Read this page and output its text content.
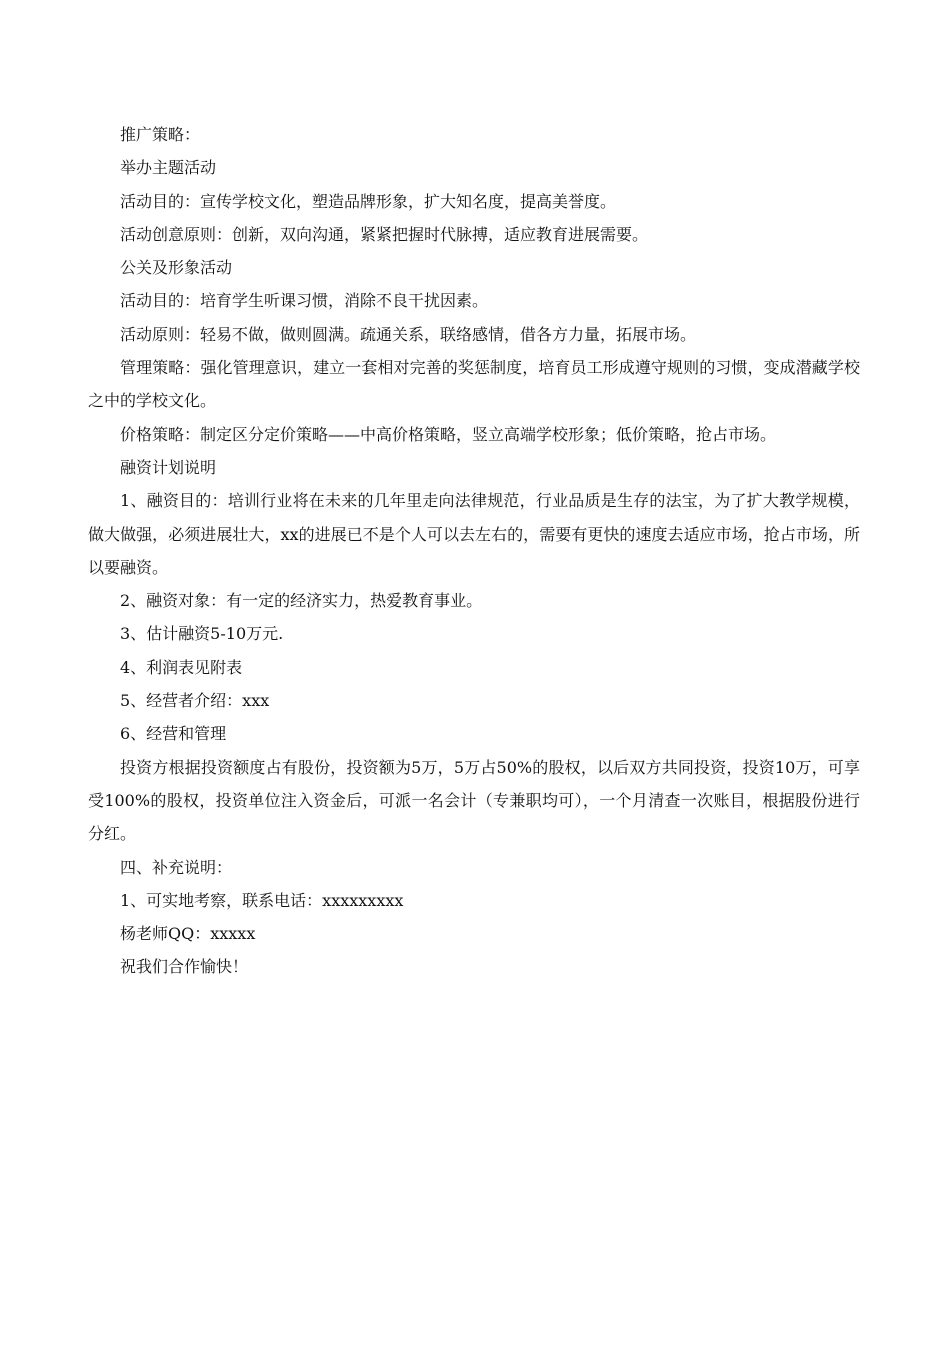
推广策略：

举办主题活动

活动目的：宣传学校文化，塑造品牌形象，扩大知名度，提高美誉度。

活动创意原则：创新，双向沟通，紧紧把握时代脉搏，适应教育进展需要。

公关及形象活动

活动目的：培育学生听课习惯，消除不良干扰因素。

活动原则：轻易不做，做则圆满。疏通关系，联络感情，借各方力量，拓展市场。

管理策略：强化管理意识，建立一套相对完善的奖惩制度，培育员工形成遵守规则的习惯，变成潜藏学校之中的学校文化。

价格策略：制定区分定价策略——中高价格策略，竖立高端学校形象；低价策略，抢占市场。

融资计划说明

1、融资目的：培训行业将在未来的几年里走向法律规范，行业品质是生存的法宝，为了扩大教学规模，做大做强，必须进展壮大，xx的进展已不是个人可以去左右的，需要有更快的速度去适应市场，抢占市场，所以要融资。

2、融资对象：有一定的经济实力，热爱教育事业。

3、估计融资5-10万元.

4、利润表见附表

5、经营者介绍：xxx

6、经营和管理

投资方根据投资额度占有股份，投资额为5万，5万占50%的股权，以后双方共同投资，投资10万，可享受100%的股权，投资单位注入资金后，可派一名会计（专兼职均可），一个月清查一次账目，根据股份进行分红。

四、补充说明：

1、可实地考察，联系电话：xxxxxxxxx

杨老师QQ：xxxxx

祝我们合作愉快！
